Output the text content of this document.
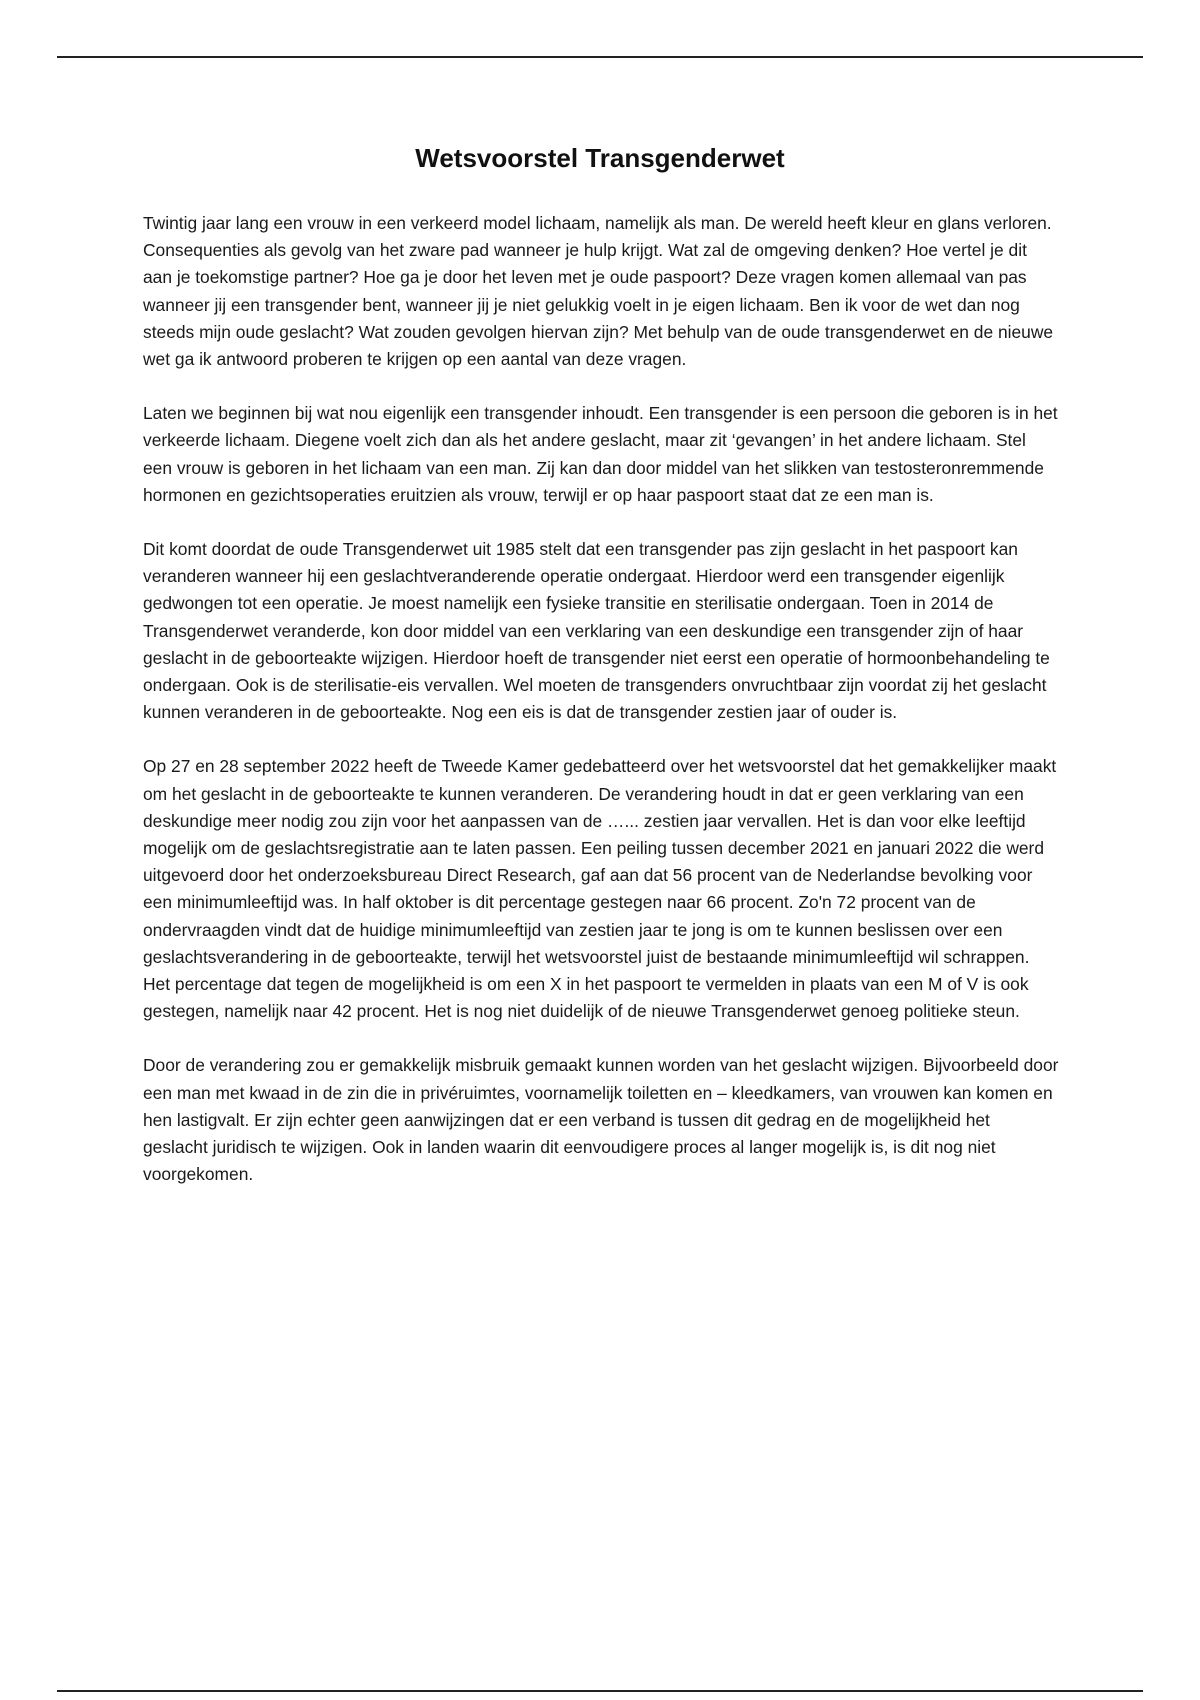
Wetsvoorstel Transgenderwet

Twintig jaar lang een vrouw in een verkeerd model lichaam, namelijk als man. De wereld heeft kleur en glans verloren. Consequenties als gevolg van het zware pad wanneer je hulp krijgt. Wat zal de omgeving denken? Hoe vertel je dit aan je toekomstige partner? Hoe ga je door het leven met je oude paspoort? Deze vragen komen allemaal van pas wanneer jij een transgender bent, wanneer jij je niet gelukkig voelt in je eigen lichaam. Ben ik voor de wet dan nog steeds mijn oude geslacht? Wat zouden gevolgen hiervan zijn? Met behulp van de oude transgenderwet en de nieuwe wet ga ik antwoord proberen te krijgen op een aantal van deze vragen.

Laten we beginnen bij wat nou eigenlijk een transgender inhoudt. Een transgender is een persoon die geboren is in het verkeerde lichaam. Diegene voelt zich dan als het andere geslacht, maar zit ‘gevangen’ in het andere lichaam. Stel een vrouw is geboren in het lichaam van een man. Zij kan dan door middel van het slikken van testosteronremmende hormonen en gezichtsoperaties eruitzien als vrouw, terwijl er op haar paspoort staat dat ze een man is.

Dit komt doordat de oude Transgenderwet uit 1985 stelt dat een transgender pas zijn geslacht in het paspoort kan veranderen wanneer hij een geslachtveranderende operatie ondergaat. Hierdoor werd een transgender eigenlijk gedwongen tot een operatie. Je moest namelijk een fysieke transitie en sterilisatie ondergaan. Toen in 2014 de Transgenderwet veranderde, kon door middel van een verklaring van een deskundige een transgender zijn of haar geslacht in de geboorteakte wijzigen. Hierdoor hoeft de transgender niet eerst een operatie of hormoonbehandeling te ondergaan. Ook is de sterilisatie-eis vervallen. Wel moeten de transgenders onvruchtbaar zijn voordat zij het geslacht kunnen veranderen in de geboorteakte. Nog een eis is dat de transgender zestien jaar of ouder is.

Op 27 en 28 september 2022 heeft de Tweede Kamer gedebatteerd over het wetsvoorstel dat het gemakkelijker maakt om het geslacht in de geboorteakte te kunnen veranderen. De verandering houdt in dat er geen verklaring van een deskundige meer nodig zou zijn voor het aanpassen van de …... zestien jaar vervallen. Het is dan voor elke leeftijd mogelijk om de geslachtsregistratie aan te laten passen. Een peiling tussen december 2021 en januari 2022 die werd uitgevoerd door het onderzoeksbureau Direct Research, gaf aan dat 56 procent van de Nederlandse bevolking voor een minimumleeftijd was. In half oktober is dit percentage gestegen naar 66 procent. Zo'n 72 procent van de ondervraagden vindt dat de huidige minimumleeftijd van zestien jaar te jong is om te kunnen beslissen over een geslachtsverandering in de geboorteakte, terwijl het wetsvoorstel juist de bestaande minimumleeftijd wil schrappen. Het percentage dat tegen de mogelijkheid is om een X in het paspoort te vermelden in plaats van een M of V is ook gestegen, namelijk naar 42 procent. Het is nog niet duidelijk of de nieuwe Transgenderwet genoeg politieke steun.

Door de verandering zou er gemakkelijk misbruik gemaakt kunnen worden van het geslacht wijzigen. Bijvoorbeeld door een man met kwaad in de zin die in privéruimtes, voornamelijk toiletten en – kleedkamers, van vrouwen kan komen en hen lastigvalt. Er zijn echter geen aanwijzingen dat er een verband is tussen dit gedrag en de mogelijkheid het geslacht juridisch te wijzigen. Ook in landen waarin dit eenvoudigere proces al langer mogelijk is, is dit nog niet voorgekomen.
